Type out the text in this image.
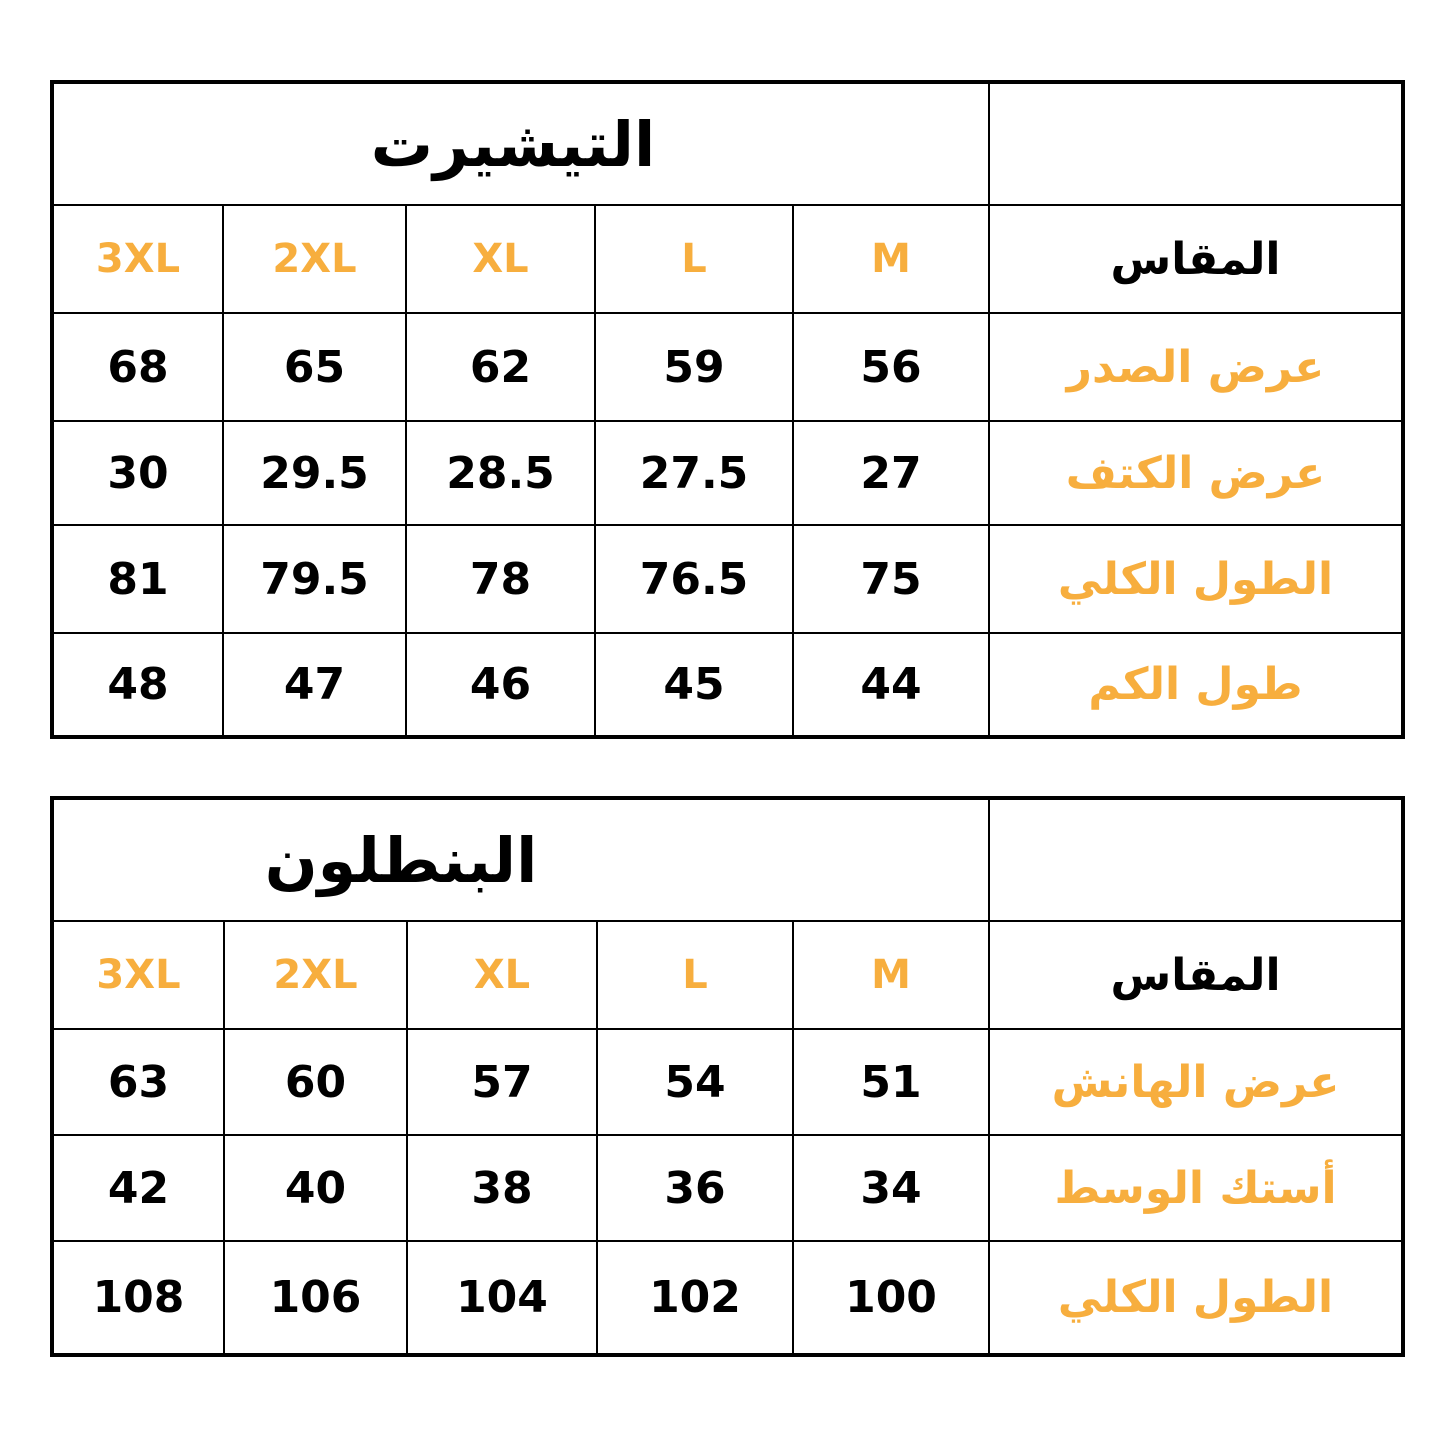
التيشيرت					
3XL	2XL	XL	L	M	المقاس
68	65	62	59	56	عرض الصدر
30	29.5	28.5	27.5	27	عرض الكتف
81	79.5	78	76.5	75	الطول الكلي
48	47	46	45	44	طول الكم
البنطلون					
3XL	2XL	XL	L	M	المقاس
63	60	57	54	51	عرض الهانش
42	40	38	36	34	أستك الوسط
108	106	104	102	100	الطول الكلي
